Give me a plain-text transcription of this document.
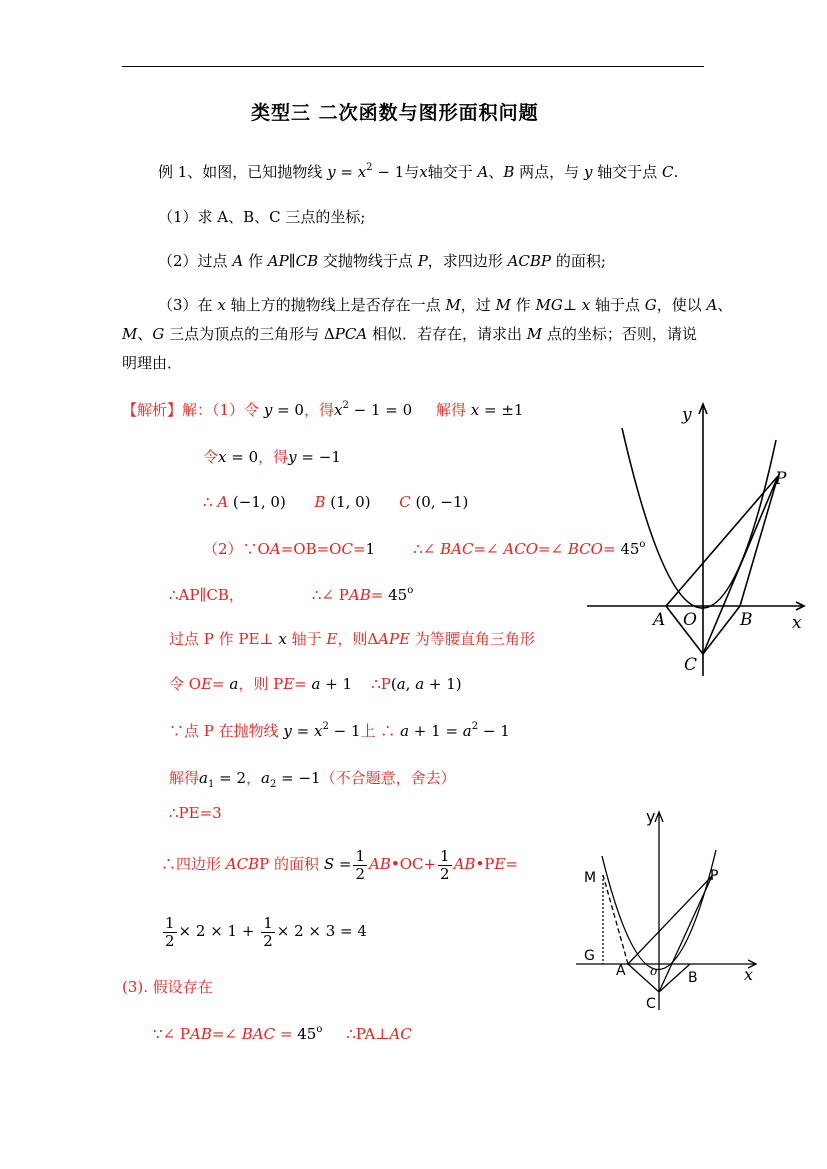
类型三 二次函数与图形面积问题
例 1、如图，已知抛物线 $y = x^2 - 1$与x轴交于 A、B 两点，与 y 轴交于点 C.
（1）求 A、B、C 三点的坐标;
（2）过点 A 作 AP∥CB 交抛物线于点 P，求四边形 ACBP 的面积;
（3）在 x 轴上方的抛物线上是否存在一点 M，过 M 作 MG⊥ x 轴于点 G，使以 A、
M、G 三点为顶点的三角形与 ΔPCA 相似．若存在，请求出 M 点的坐标；否则，请说
明理由．
【解析】解：（1）令 y = 0，得$x^2 - 1 = 0$ 解得 x = ±1
令x = 0，得y = −1
∴ A (−1, 0)      B (1, 0)      C (0, −1)
（2）∵OA=OB=OC=1	∴∠ BAC=∠ ACO=∠ $BCO= 45^o$
∴AP∥CB，	∴∠ $PAB= 45^o$
过点 P 作 PE⊥ x 轴于 E，则ΔAPE 为等腰直角三角形
令 OE= a，则 PE= a + 1 ∴P(a, a + 1)
∵点 P 在抛物线 $y = x^2 - 1$上 ∴ $a + 1 = a^2 - 1$
解得$a_1 = 2$，$a_2 = -1$（不合题意，舍去）
∴PE=3
∴四边形 ACBP 的面积 $S = \frac{1}{2}$ AB•OC+ $\frac{1}{2}$ AB•PE=
$\frac{1}{2} \times 2 \times 1 + \frac{1}{2} \times 2 \times 3 = 4$
(3). 假设存在
∵∠ PAB=∠ BAC = $45^o$ ∴PA⊥AC
y
x
A O	B
C
P
y
x
M	P
G
A o B
C
